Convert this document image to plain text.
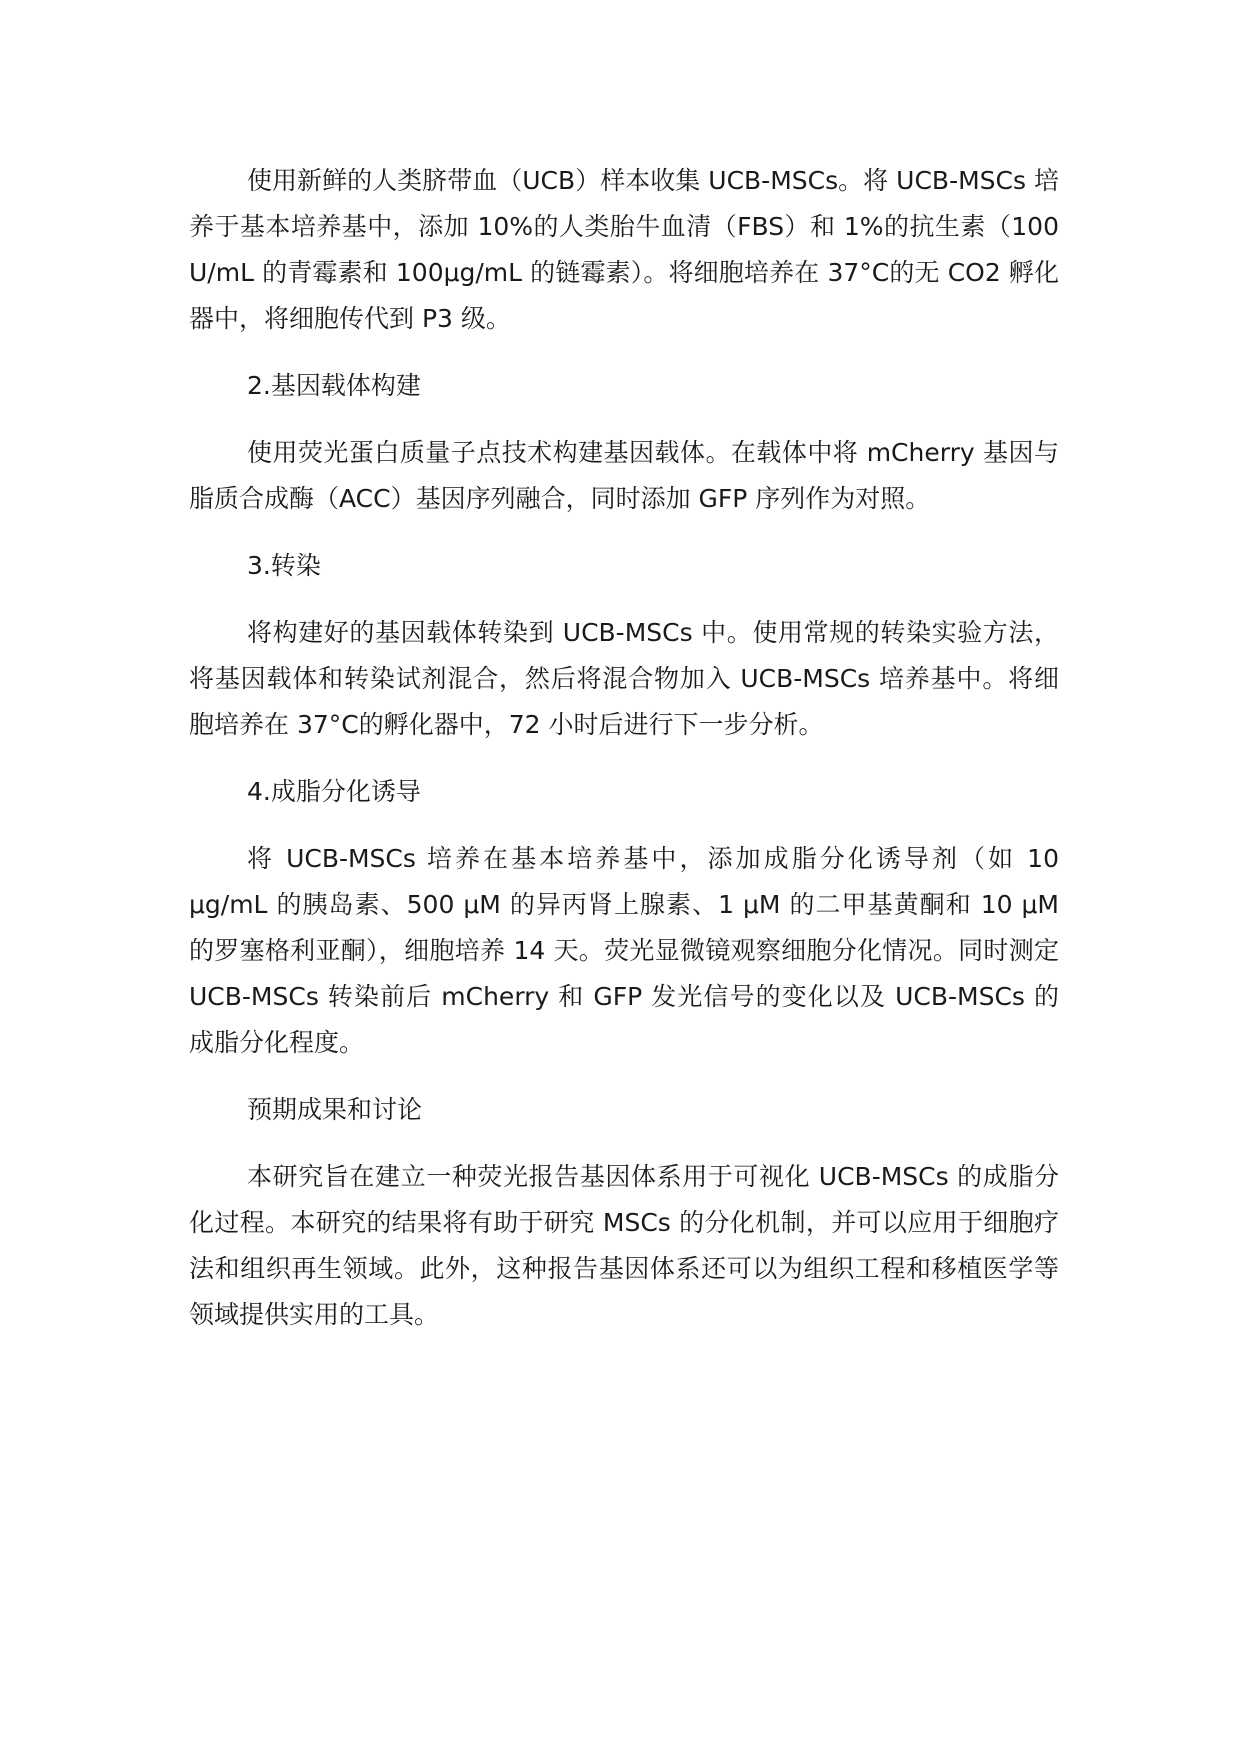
使用新鲜的人类脐带血（UCB）样本收集 UCB-MSCs。将 UCB-MSCs 培养于基本培养基中，添加 10%的人类胎牛血清（FBS）和 1%的抗生素（100 U/mL 的青霉素和 100μg/mL 的链霉素）。将细胞培养在 37°C的无 CO2 孵化器中，将细胞传代到 P3 级。

2.基因载体构建

使用荧光蛋白质量子点技术构建基因载体。在载体中将 mCherry 基因与脂质合成酶（ACC）基因序列融合，同时添加 GFP 序列作为对照。

3.转染

将构建好的基因载体转染到 UCB-MSCs 中。使用常规的转染实验方法，将基因载体和转染试剂混合，然后将混合物加入 UCB-MSCs 培养基中。将细胞培养在 37°C的孵化器中，72 小时后进行下一步分析。

4.成脂分化诱导

将 UCB-MSCs 培养在基本培养基中，添加成脂分化诱导剂（如 10 μg/mL 的胰岛素、500 μM 的异丙肾上腺素、1 μM 的二甲基黄酮和 10 μM 的罗塞格利亚酮），细胞培养 14 天。荧光显微镜观察细胞分化情况。同时测定 UCB-MSCs 转染前后 mCherry 和 GFP 发光信号的变化以及 UCB-MSCs 的成脂分化程度。

预期成果和讨论

本研究旨在建立一种荧光报告基因体系用于可视化 UCB-MSCs 的成脂分化过程。本研究的结果将有助于研究 MSCs 的分化机制，并可以应用于细胞疗法和组织再生领域。此外，这种报告基因体系还可以为组织工程和移植医学等领域提供实用的工具。
